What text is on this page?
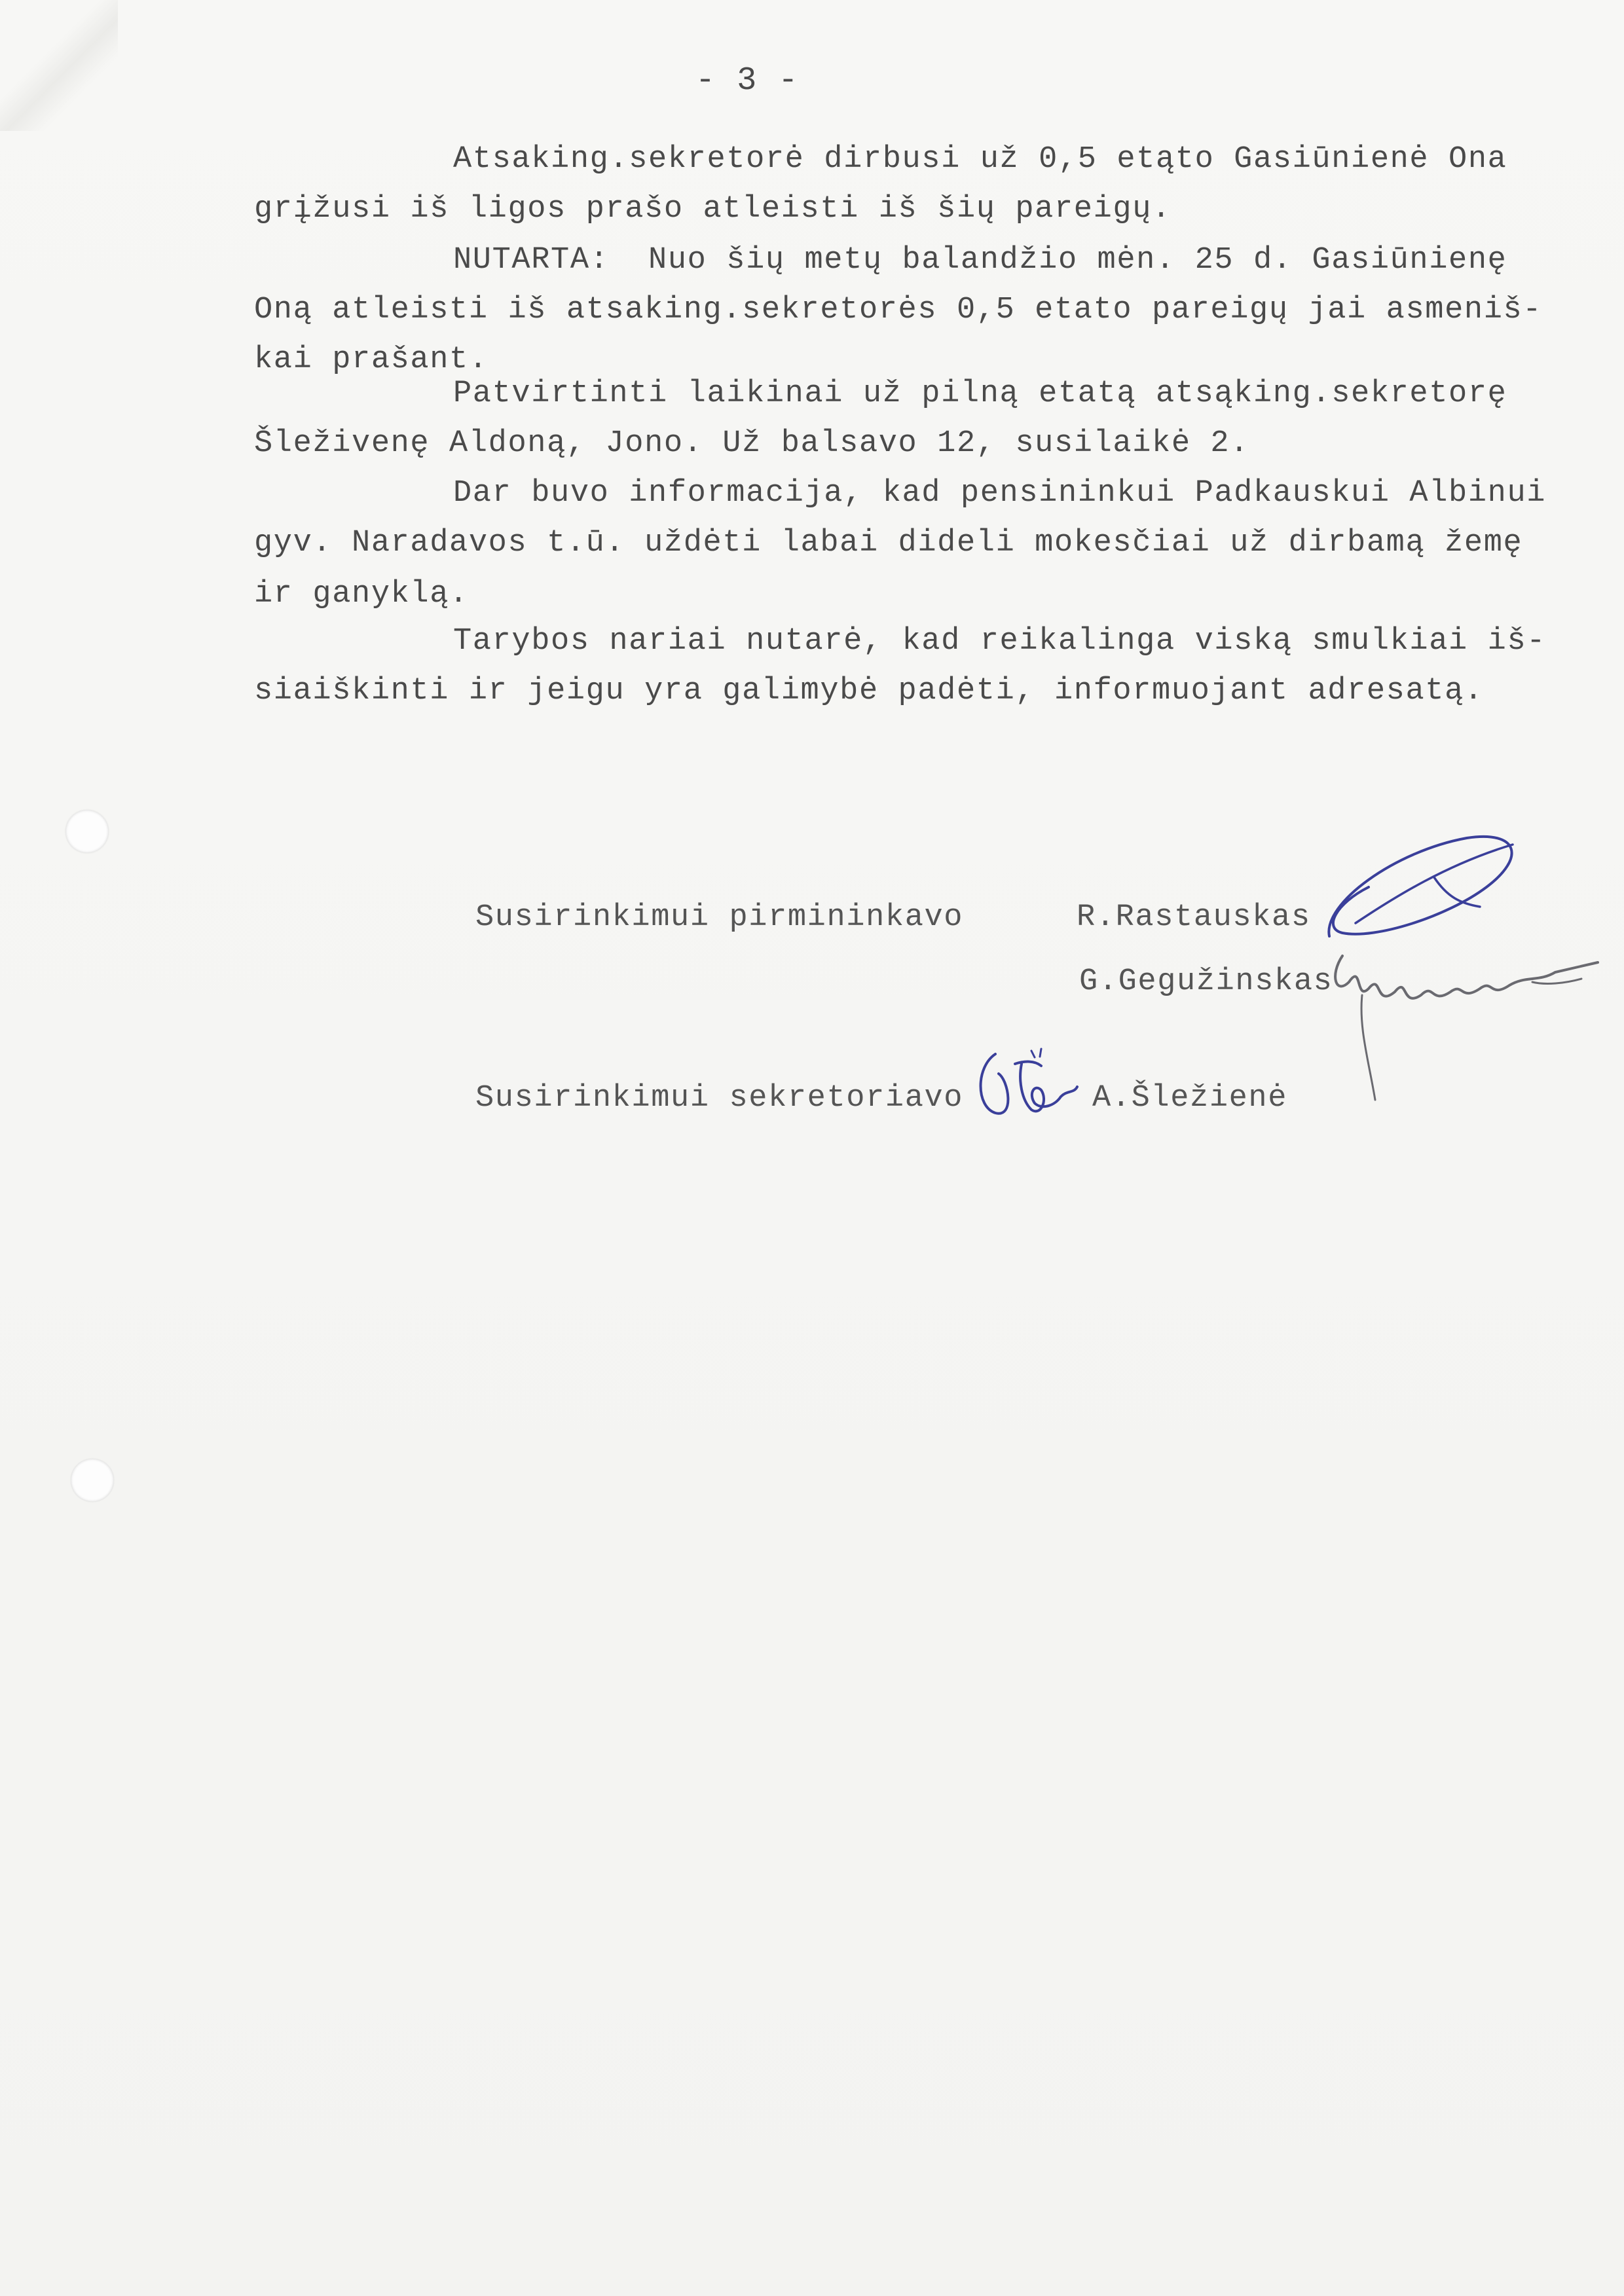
- 3 -
Atsaking.sekretorė dirbusi už 0,5 etąto Gasiūnienė Ona
grįžusi iš ligos prašo atleisti iš šių pareigų.
NUTARTA:  Nuo šių metų balandžio mėn. 25 d. Gasiūnienę
Oną atleisti iš atsaking.sekretorės 0,5 etato pareigų jai asmeniš-
kai prašant.
Patvirtinti laikinai už pilną etatą atsąking.sekretorę
Šleživenę Aldoną, Jono. Už balsavo 12, susilaikė 2.
Dar buvo informacija, kad pensininkui Padkauskui Albinui
gyv. Naradavos t.ū. uždėti labai dideli mokesčiai už dirbamą žemę
ir ganyklą.
Tarybos nariai nutarė, kad reikalinga viską smulkiai iš-
siaiškinti ir jeigu yra galimybė padėti, informuojant adresatą.
Susirinkimui pirmininkavo	R.Rastauskas
G.Gegužinskas
Susirinkimui sekretoriavo	A.Šležienė
